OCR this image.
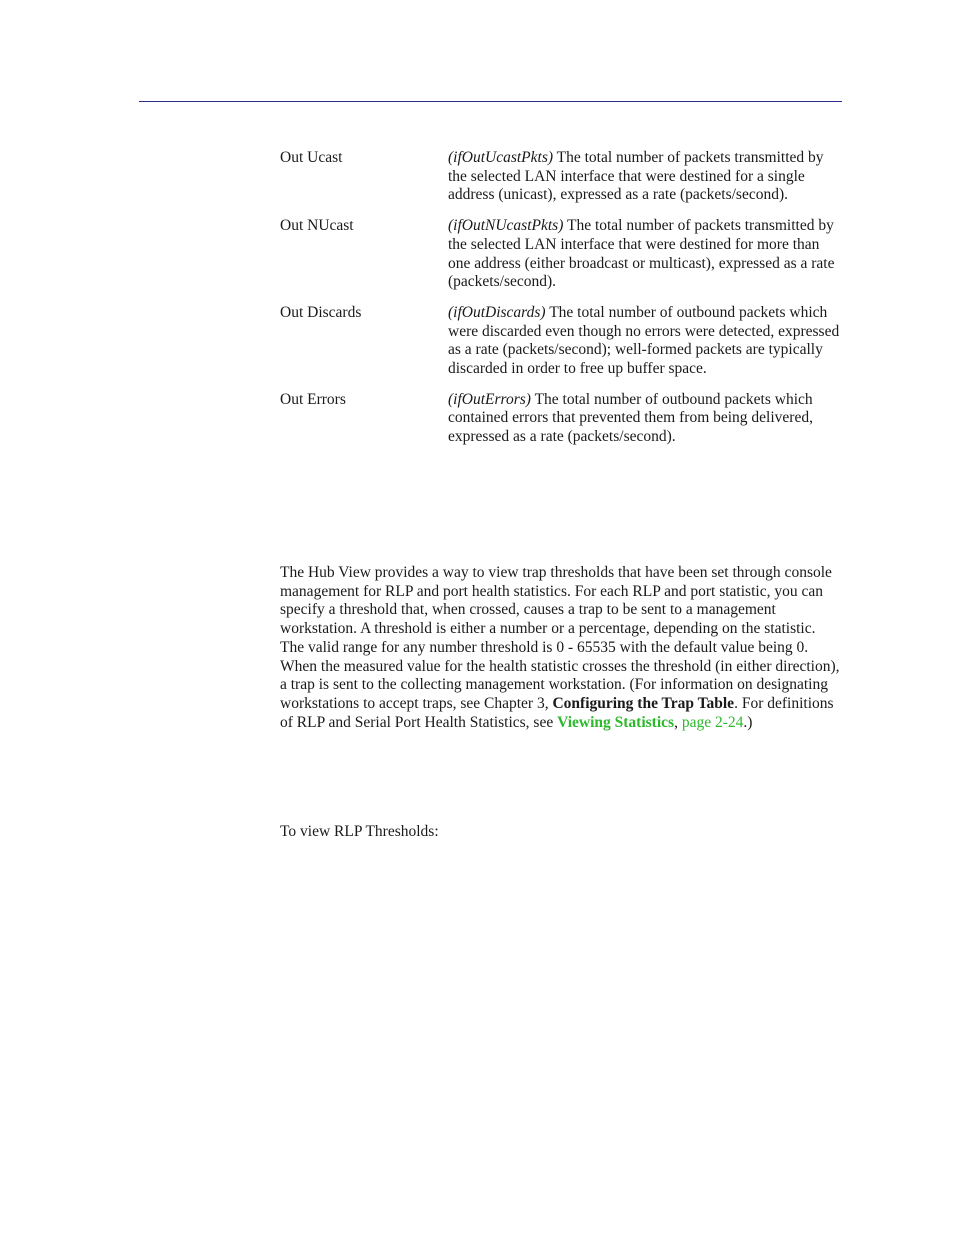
Out Ucast	(ifOutUcastPkts) The total number of packets transmitted by the selected LAN interface that were destined for a single address (unicast), expressed as a rate (packets/second).
Out NUcast	(ifOutNUcastPkts) The total number of packets transmitted by the selected LAN interface that were destined for more than one address (either broadcast or multicast), expressed as a rate (packets/second).
Out Discards	(ifOutDiscards) The total number of outbound packets which were discarded even though no errors were detected, expressed as a rate (packets/second); well-formed packets are typically discarded in order to free up buffer space.
Out Errors	(ifOutErrors) The total number of outbound packets which contained errors that prevented them from being delivered, expressed as a rate (packets/second).

The Hub View provides a way to view trap thresholds that have been set through console management for RLP and port health statistics. For each RLP and port statistic, you can specify a threshold that, when crossed, causes a trap to be sent to a management workstation. A threshold is either a number or a percentage, depending on the statistic. The valid range for any number threshold is 0 - 65535 with the default value being 0. When the measured value for the health statistic crosses the threshold (in either direction), a trap is sent to the collecting management workstation. (For information on designating workstations to accept traps, see Chapter 3, Configuring the Trap Table. For definitions of RLP and Serial Port Health Statistics, see Viewing Statistics, page 2-24.)

To view RLP Thresholds:
